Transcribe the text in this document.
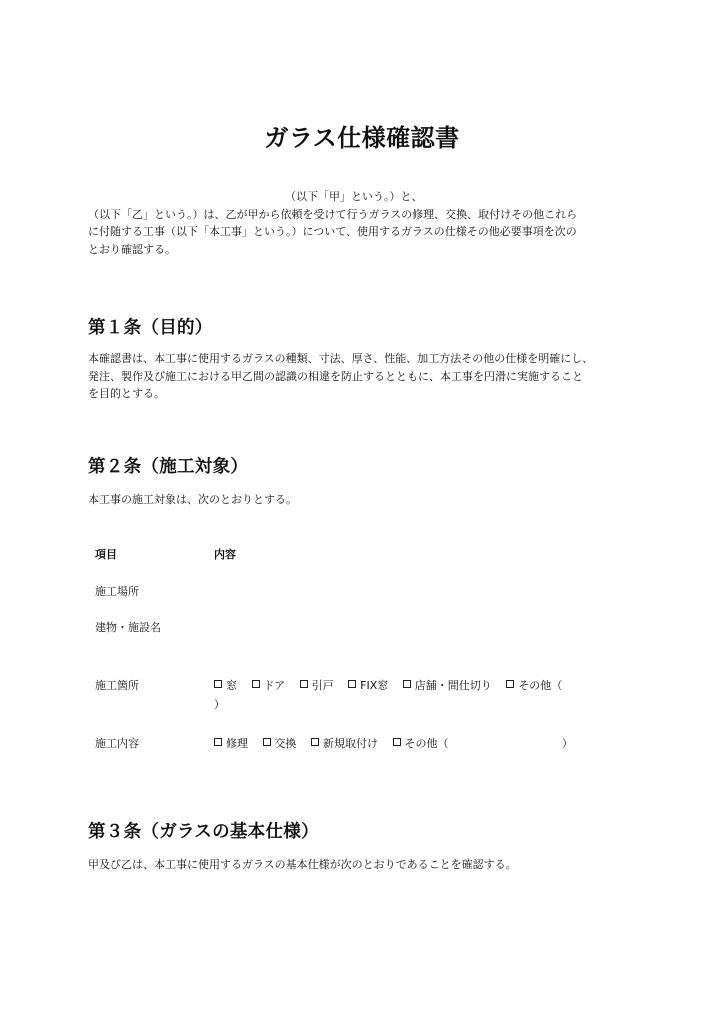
ガラス仕様確認書
（以下「甲」という。）と、
（以下「乙」という。）は、乙が甲から依頼を受けて行うガラスの修理、交換、取付けその他これら
に付随する工事（以下「本工事」という。）について、使用するガラスの仕様その他必要事項を次の
とおり確認する。
第１条（目的）
本確認書は、本工事に使用するガラスの種類、寸法、厚さ、性能、加工方法その他の仕様を明確にし、
発注、製作及び施工における甲乙間の認識の相違を防止するとともに、本工事を円滑に実施すること
を目的とする。
第２条（施工対象）
本工事の施工対象は、次のとおりとする。
項目	内容
施工場所
建物・施設名
施工箇所	窓 ドア 引戸 FIX窓 店舗・間仕切り その他（
）
施工内容	修理 交換 新規取付け その他（	）
第３条（ガラスの基本仕様）
甲及び乙は、本工事に使用するガラスの基本仕様が次のとおりであることを確認する。
